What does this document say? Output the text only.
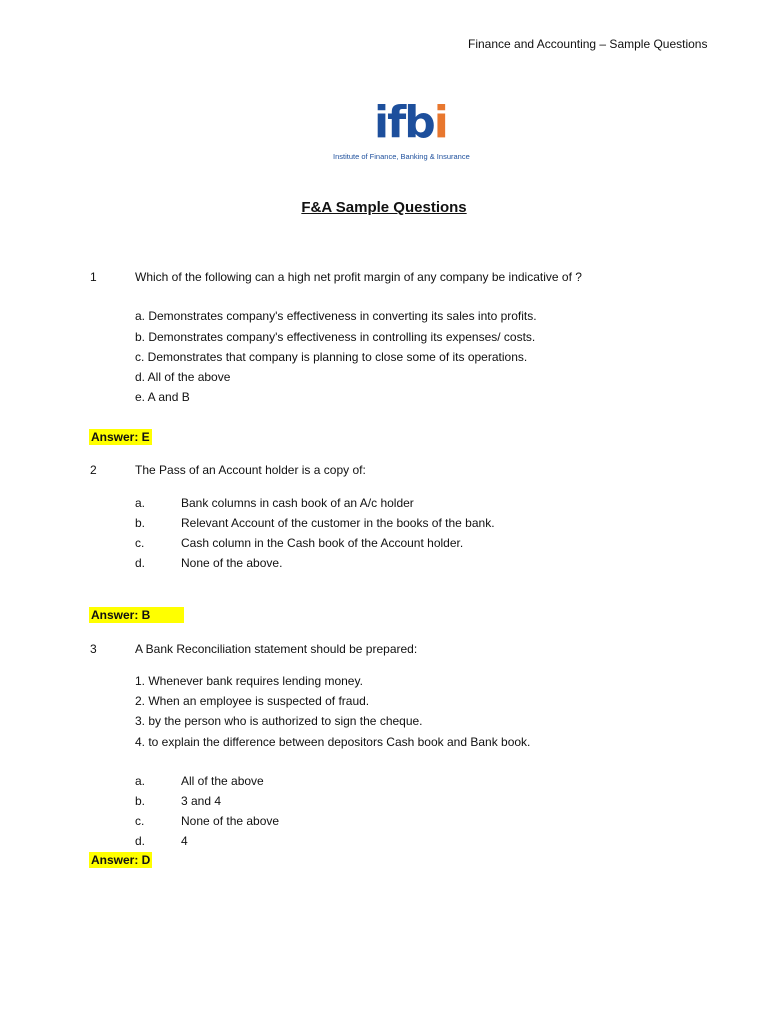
Finance and Accounting – Sample Questions

ifbi

Institute of Finance, Banking & Insurance
F&A Sample Questions
1	Which of the following can a high net profit margin of any company be indicative of ?
a. Demonstrates company's effectiveness in converting its sales into profits.
b. Demonstrates company's effectiveness in controlling its expenses/ costs.
c. Demonstrates that company is planning to close some of its operations.
d. All of the above
e. A and B
Answer: E
2	The Pass of an Account holder is a copy of:
a.	Bank columns in cash book of an A/c holder
b.	Relevant Account of the customer in the books of the bank.
c.	Cash column in the Cash book of the Account holder.
d.	None of the above.
Answer: B
3	A Bank Reconciliation statement should be prepared:
1. Whenever bank requires lending money.
2. When an employee is suspected of fraud.
3. by the person who is authorized to sign the cheque.
4. to explain the difference between depositors Cash book and Bank book.
a.	All of the above
b.	3 and 4
c.	None of the above
d.	4
Answer: D
